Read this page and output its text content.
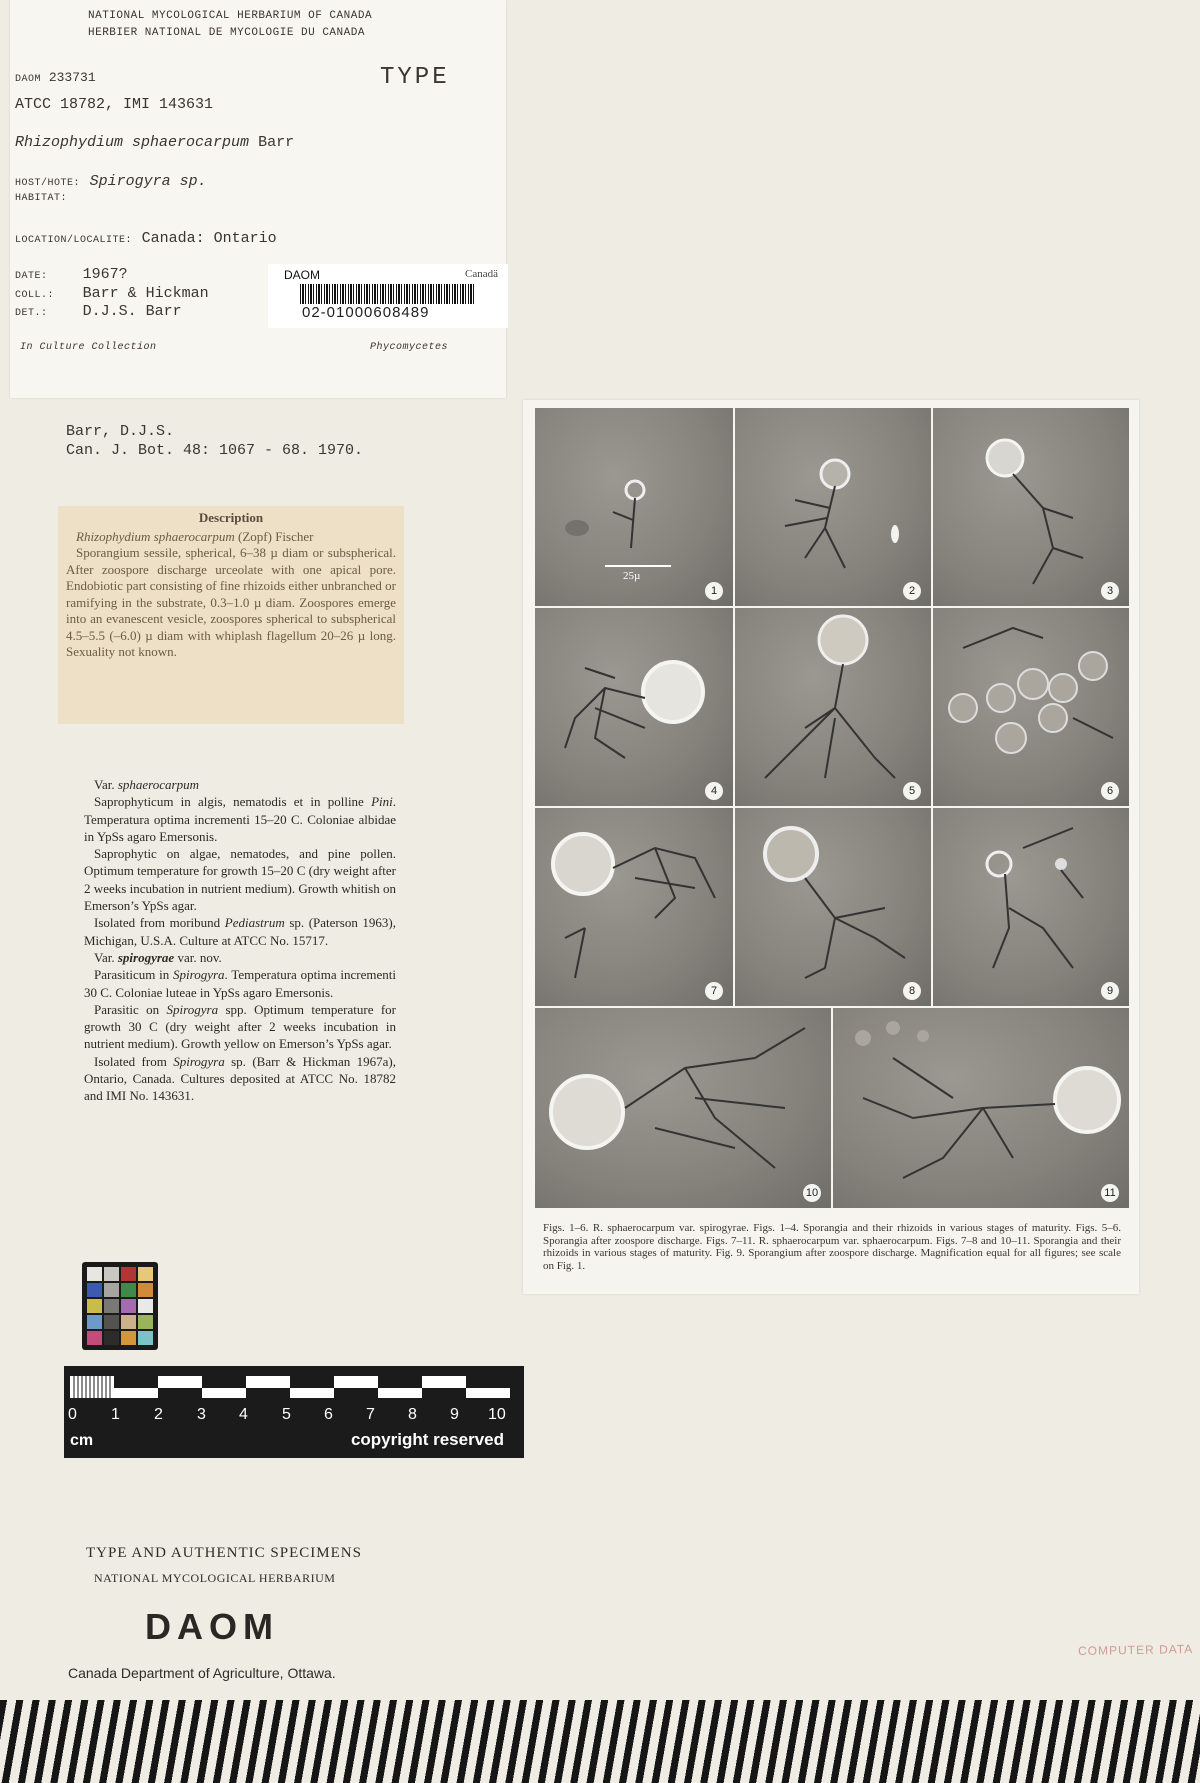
NATIONAL MYCOLOGICAL HERBARIUM OF CANADA
HERBIER NATIONAL DE MYCOLOGIE DU CANADA
DAOM 233731	TYPE
ATCC 18782, IMI 143631
Rhizophydium sphaerocarpum Barr
HOST/HOTE: Spirogyra sp.
HABITAT:
LOCATION/LOCALITE: Canada: Ontario
DATE: 1967?
COLL.: Barr & Hickman
DET.: D.J.S. Barr
In Culture Collection	Phycomycetes
DAOM	Canadä
02-01000608489
Barr, D.J.S.
Can. J. Bot. 48: 1067 - 68. 1970.
Description

Rhizophydium sphaerocarpum (Zopf) Fischer
Sporangium sessile, spherical, 6–38 µ diam or subspherical. After zoospore discharge urceolate with one apical pore. Endobiotic part consisting of fine rhizoids either unbranched or ramifying in the substrate, 0.3–1.0 µ diam. Zoospores emerge into an evanescent vesicle, zoospores spherical to subspherical 4.5–5.5 (–6.0) µ diam with whiplash flagellum 20–26 µ long. Sexuality not known.

Var. sphaerocarpum

Saprophyticum in algis, nematodis et in polline Pini. Temperatura optima incrementi 15–20 C. Coloniae albidae in YpSs agaro Emersonis.

Saprophytic on algae, nematodes, and pine pollen. Optimum temperature for growth 15–20 C (dry weight after 2 weeks incubation in nutrient medium). Growth whitish on Emerson’s YpSs agar.

Isolated from moribund Pediastrum sp. (Paterson 1963), Michigan, U.S.A. Culture at ATCC No. 15717.

Var. spirogyrae var. nov.

Parasiticum in Spirogyra. Temperatura optima incrementi 30 C. Coloniae luteae in YpSs agaro Emersonis.

Parasitic on Spirogyra spp. Optimum temperature for growth 30 C (dry weight after 2 weeks incubation in nutrient medium). Growth yellow on Emerson’s YpSs agar.

Isolated from Spirogyra sp. (Barr & Hickman 1967a), Ontario, Canada. Cultures deposited at ATCC No. 18782 and IMI No. 143631.

25µ
1	2	3
4	5	6
7	8	9
10	11
Figs. 1–6. R. sphaerocarpum var. spirogyrae. Figs. 1–4. Sporangia and their rhizoids in various stages of maturity. Figs. 5–6. Sporangia after zoospore discharge. Figs. 7–11. R. sphaerocarpum var. sphaerocarpum. Figs. 7–8 and 10–11. Sporangia and their rhizoids in various stages of maturity. Fig. 9. Sporangium after zoospore discharge. Magnification equal for all figures; see scale on Fig. 1.
0 1 2 3 4 5 6 7 8 9 10
cm	copyright reserved
TYPE AND AUTHENTIC SPECIMENS
NATIONAL MYCOLOGICAL HERBARIUM
DAOM
Canada Department of Agriculture, Ottawa.
COMPUTER DATA
